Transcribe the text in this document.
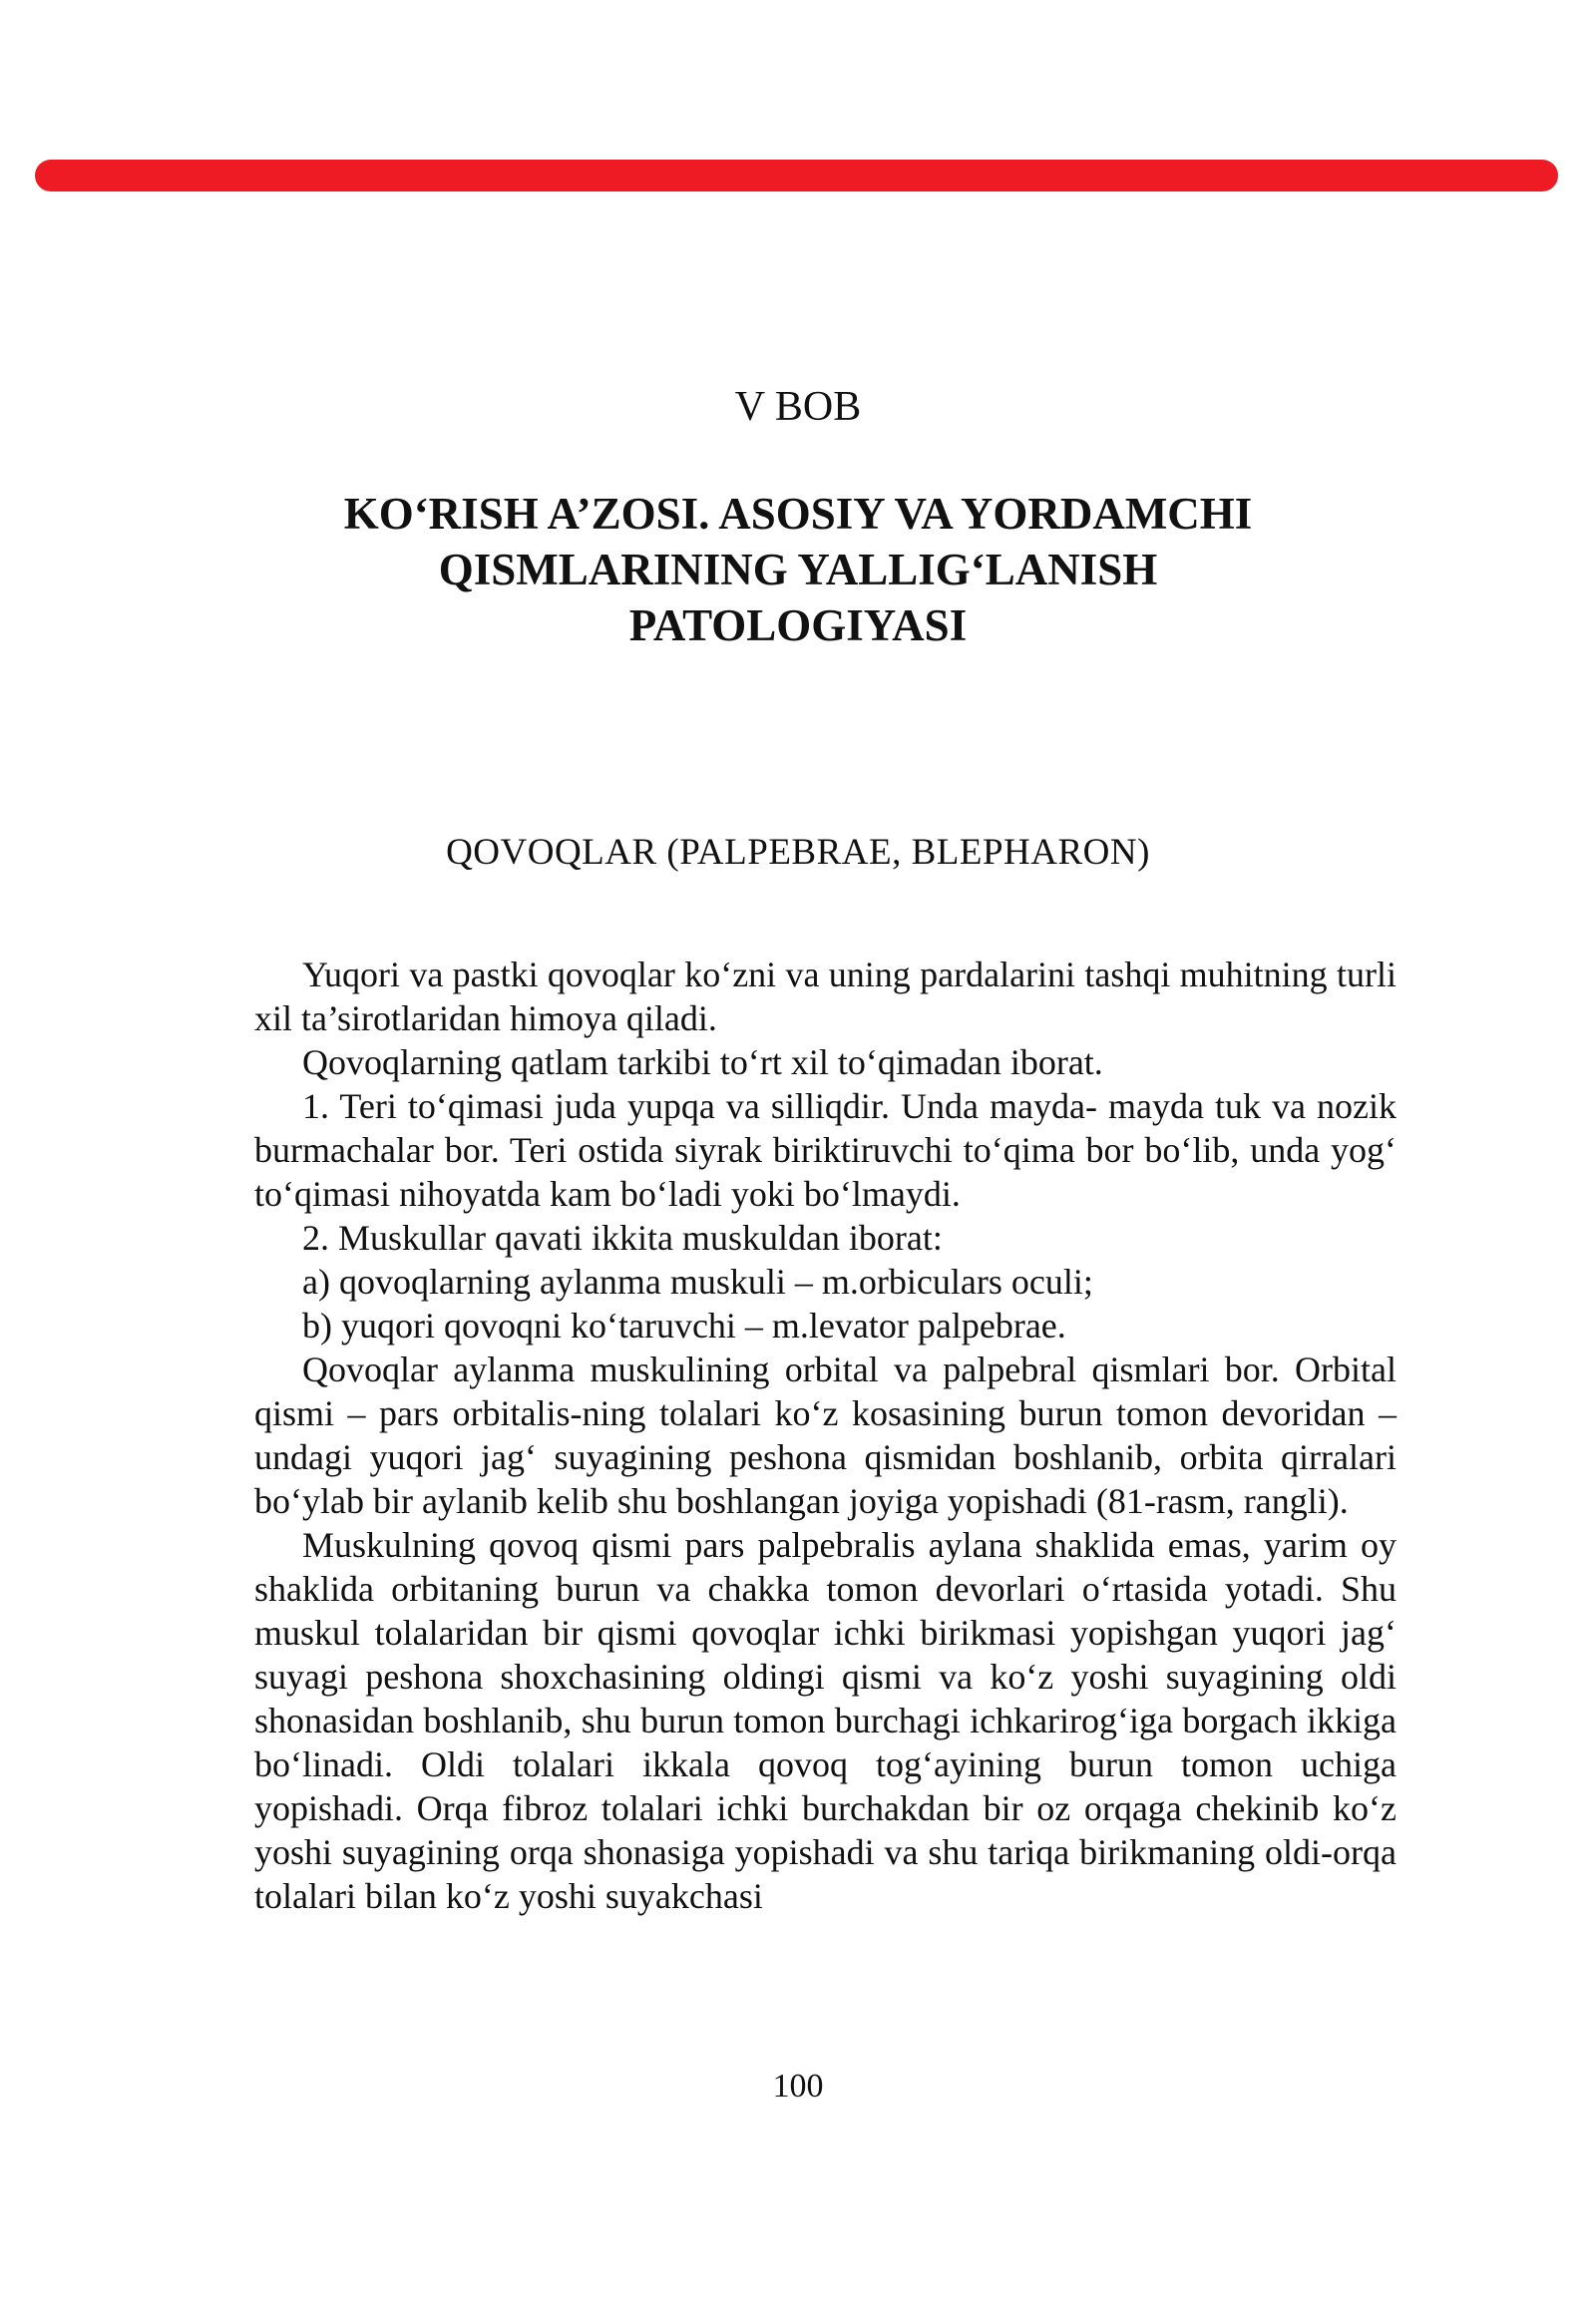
V BOB
KO‘RISH A’ZOSI. ASOSIY VA YORDAMCHI
QISMLARINING YALLIG‘LANISH
PATOLOGIYASI
QOVOQLAR (PALPEBRAE, BLEPHARON)

Yuqori va pastki qovoqlar ko‘zni va uning pardalarini tashqi muhitning turli xil ta’sirotlaridan himoya qiladi.

Qovoqlarning qatlam tarkibi to‘rt xil to‘qimadan iborat.

1. Teri to‘qimasi juda yupqa va silliqdir. Unda mayda- mayda tuk va nozik burmachalar bor. Teri ostida siyrak biriktiruvchi to‘qima bor bo‘lib, unda yog‘ to‘qimasi nihoyatda kam bo‘ladi yoki bo‘lmaydi.

2. Muskullar qavati ikkita muskuldan iborat:

a) qovoqlarning aylanma muskuli – m.orbiculars oculi;

b) yuqori qovoqni ko‘taruvchi – m.levator palpebrae.

Qovoqlar aylanma muskulining orbital va palpebral qismlari bor. Orbital qismi – pars orbitalis-ning tolalari ko‘z kosasining burun tomon devoridan – undagi yuqori jag‘ suyagining peshona qismidan boshlanib, orbita qirralari bo‘ylab bir aylanib kelib shu boshlangan joyiga yopishadi (81-rasm, rangli).

Muskulning qovoq qismi pars palpebralis aylana shaklida emas, yarim oy shaklida orbitaning burun va chakka tomon devorlari o‘rtasida yotadi. Shu muskul tolalaridan bir qismi qovoqlar ichki birikmasi yopishgan yuqori jag‘ suyagi peshona shoxchasining oldingi qismi va ko‘z yoshi suyagining oldi shonasidan boshlanib, shu burun tomon burchagi ichkarirog‘iga borgach ikkiga bo‘linadi. Oldi tolalari ikkala qovoq tog‘ayining burun tomon uchiga yopishadi. Orqa fibroz tolalari ichki burchakdan bir oz orqaga chekinib ko‘z yoshi suyagining orqa shonasiga yopishadi va shu tariqa birikmaning oldi-orqa tolalari bilan ko‘z yoshi suyakchasi

100
